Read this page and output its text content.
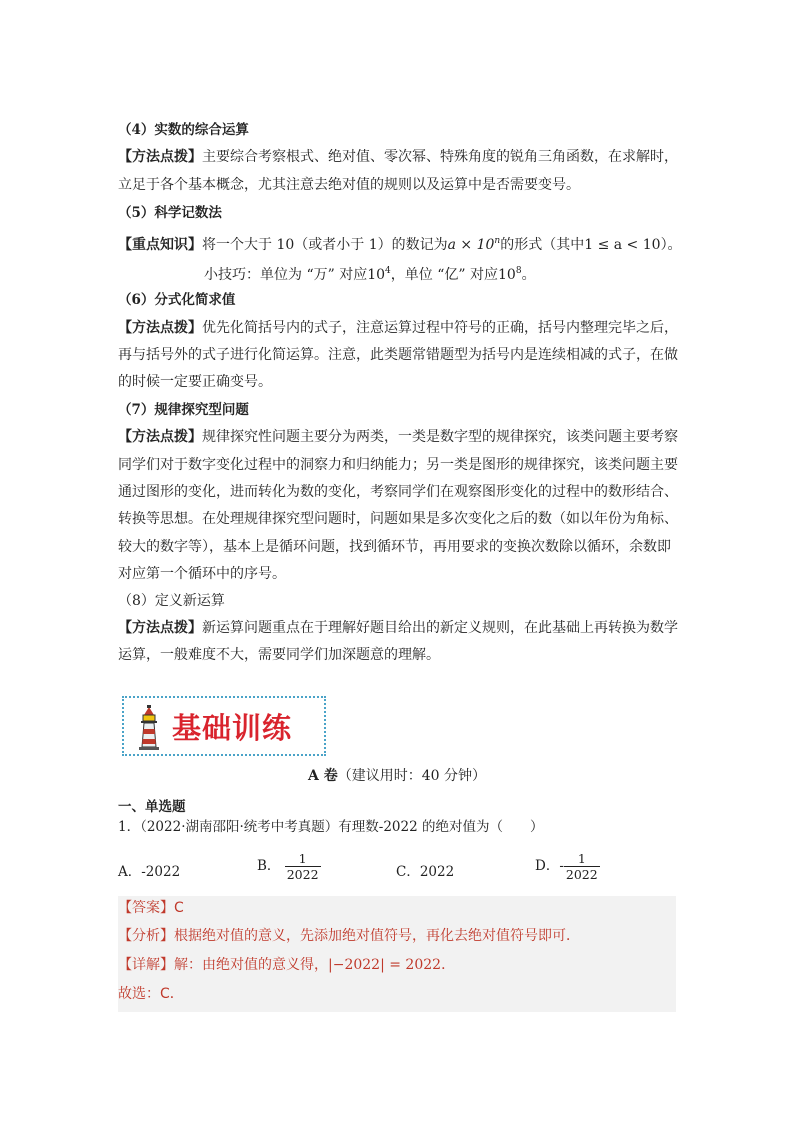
（4）实数的综合运算
【方法点拨】主要综合考察根式、绝对值、零次幂、特殊角度的锐角三角函数，在求解时，
立足于各个基本概念，尤其注意去绝对值的规则以及运算中是否需要变号。
（5）科学记数法
【重点知识】将一个大于 10（或者小于 1）的数记为$a \times 10^n$的形式（其中1 ≤ a < 10）。
小技巧：单位为 “万” 对应$10^4$，单位 “亿” 对应$10^8$。
（6）分式化简求值
【方法点拨】优先化简括号内的式子，注意运算过程中符号的正确，括号内整理完毕之后，
再与括号外的式子进行化简运算。注意，此类题常错题型为括号内是连续相减的式子，在做
的时候一定要正确变号。
（7）规律探究型问题
【方法点拨】规律探究性问题主要分为两类，一类是数字型的规律探究，该类问题主要考察
同学们对于数字变化过程中的洞察力和归纳能力；另一类是图形的规律探究，该类问题主要
通过图形的变化，进而转化为数的变化，考察同学们在观察图形变化的过程中的数形结合、
转换等思想。在处理规律探究型问题时，问题如果是多次变化之后的数（如以年份为角标、
较大的数字等），基本上是循环问题，找到循环节，再用要求的变换次数除以循环，余数即
对应第一个循环中的序号。
（8）定义新运算
【方法点拨】新运算问题重点在于理解好题目给出的新定义规则，在此基础上再转换为数学
运算，一般难度不大，需要同学们加深题意的理解。
基础训练
A 卷（建议用时：40 分钟）
一、单选题
1．（2022·湖南邵阳·统考中考真题）有理数-2022 的绝对值为（　　）
A．-2022	B． $\frac{1}{2022}$	C．2022	D．- $\frac{1}{2022}$
【答案】C
【分析】根据绝对值的意义，先添加绝对值符号，再化去绝对值符号即可．
【详解】解：由绝对值的意义得，|−2022| = 2022．
故选：C．
